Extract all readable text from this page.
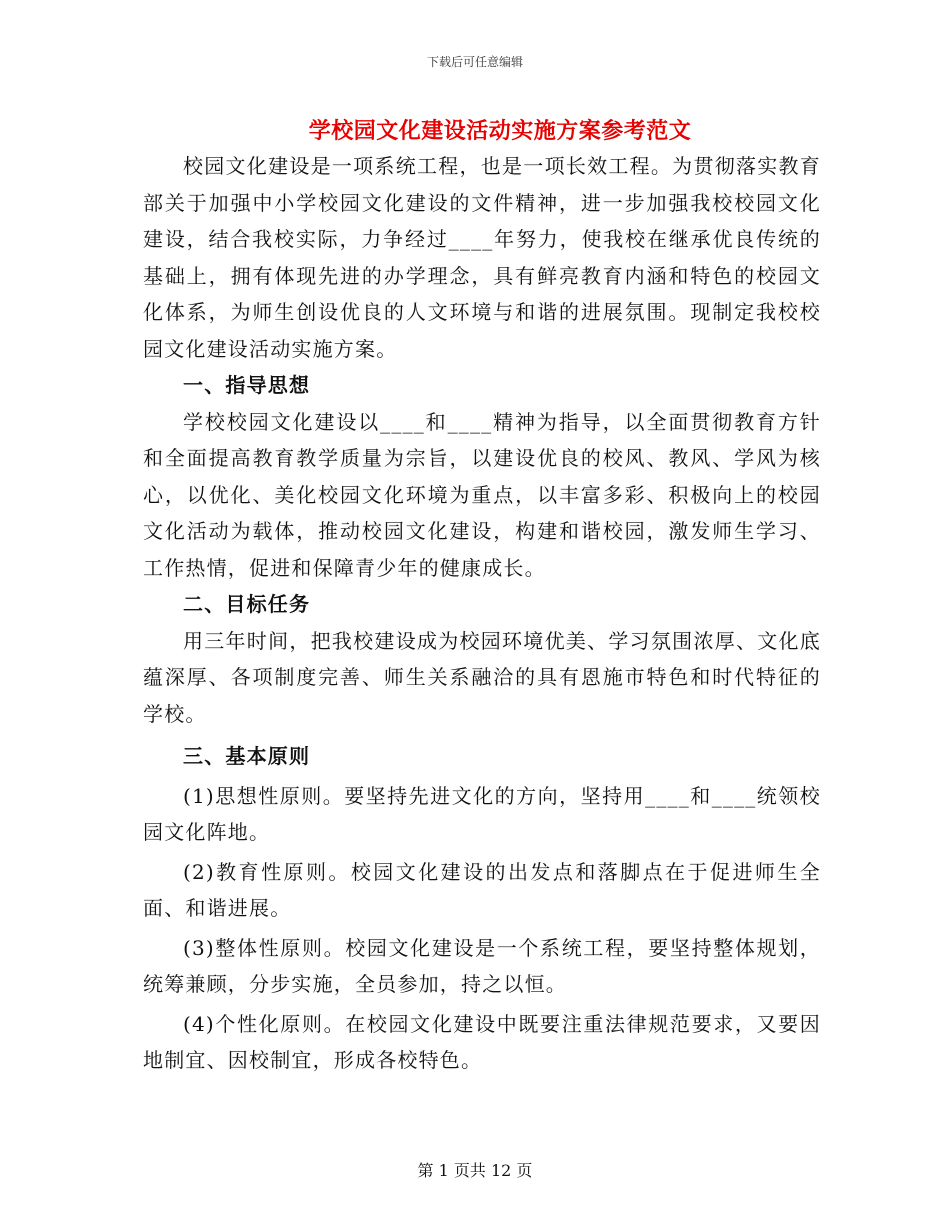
下载后可任意编辑
学校园文化建设活动实施方案参考范文

校园文化建设是一项系统工程，也是一项长效工程。为贯彻落实教育部关于加强中小学校园文化建设的文件精神，进一步加强我校校园文化建设，结合我校实际，力争经过____年努力，使我校在继承优良传统的基础上，拥有体现先进的办学理念，具有鲜亮教育内涵和特色的校园文化体系，为师生创设优良的人文环境与和谐的进展氛围。现制定我校校园文化建设活动实施方案。

一、指导思想

学校校园文化建设以____和____精神为指导，以全面贯彻教育方针和全面提高教育教学质量为宗旨，以建设优良的校风、教风、学风为核心，以优化、美化校园文化环境为重点，以丰富多彩、积极向上的校园文化活动为载体，推动校园文化建设，构建和谐校园，激发师生学习、工作热情，促进和保障青少年的健康成长。

二、目标任务

用三年时间，把我校建设成为校园环境优美、学习氛围浓厚、文化底蕴深厚、各项制度完善、师生关系融洽的具有恩施市特色和时代特征的学校。

三、基本原则

(1)思想性原则。要坚持先进文化的方向，坚持用____和____统领校园文化阵地。

(2)教育性原则。校园文化建设的出发点和落脚点在于促进师生全面、和谐进展。

(3)整体性原则。校园文化建设是一个系统工程，要坚持整体规划，统筹兼顾，分步实施，全员参加，持之以恒。

(4)个性化原则。在校园文化建设中既要注重法律规范要求，又要因地制宜、因校制宜，形成各校特色。

第 1 页共 12 页
